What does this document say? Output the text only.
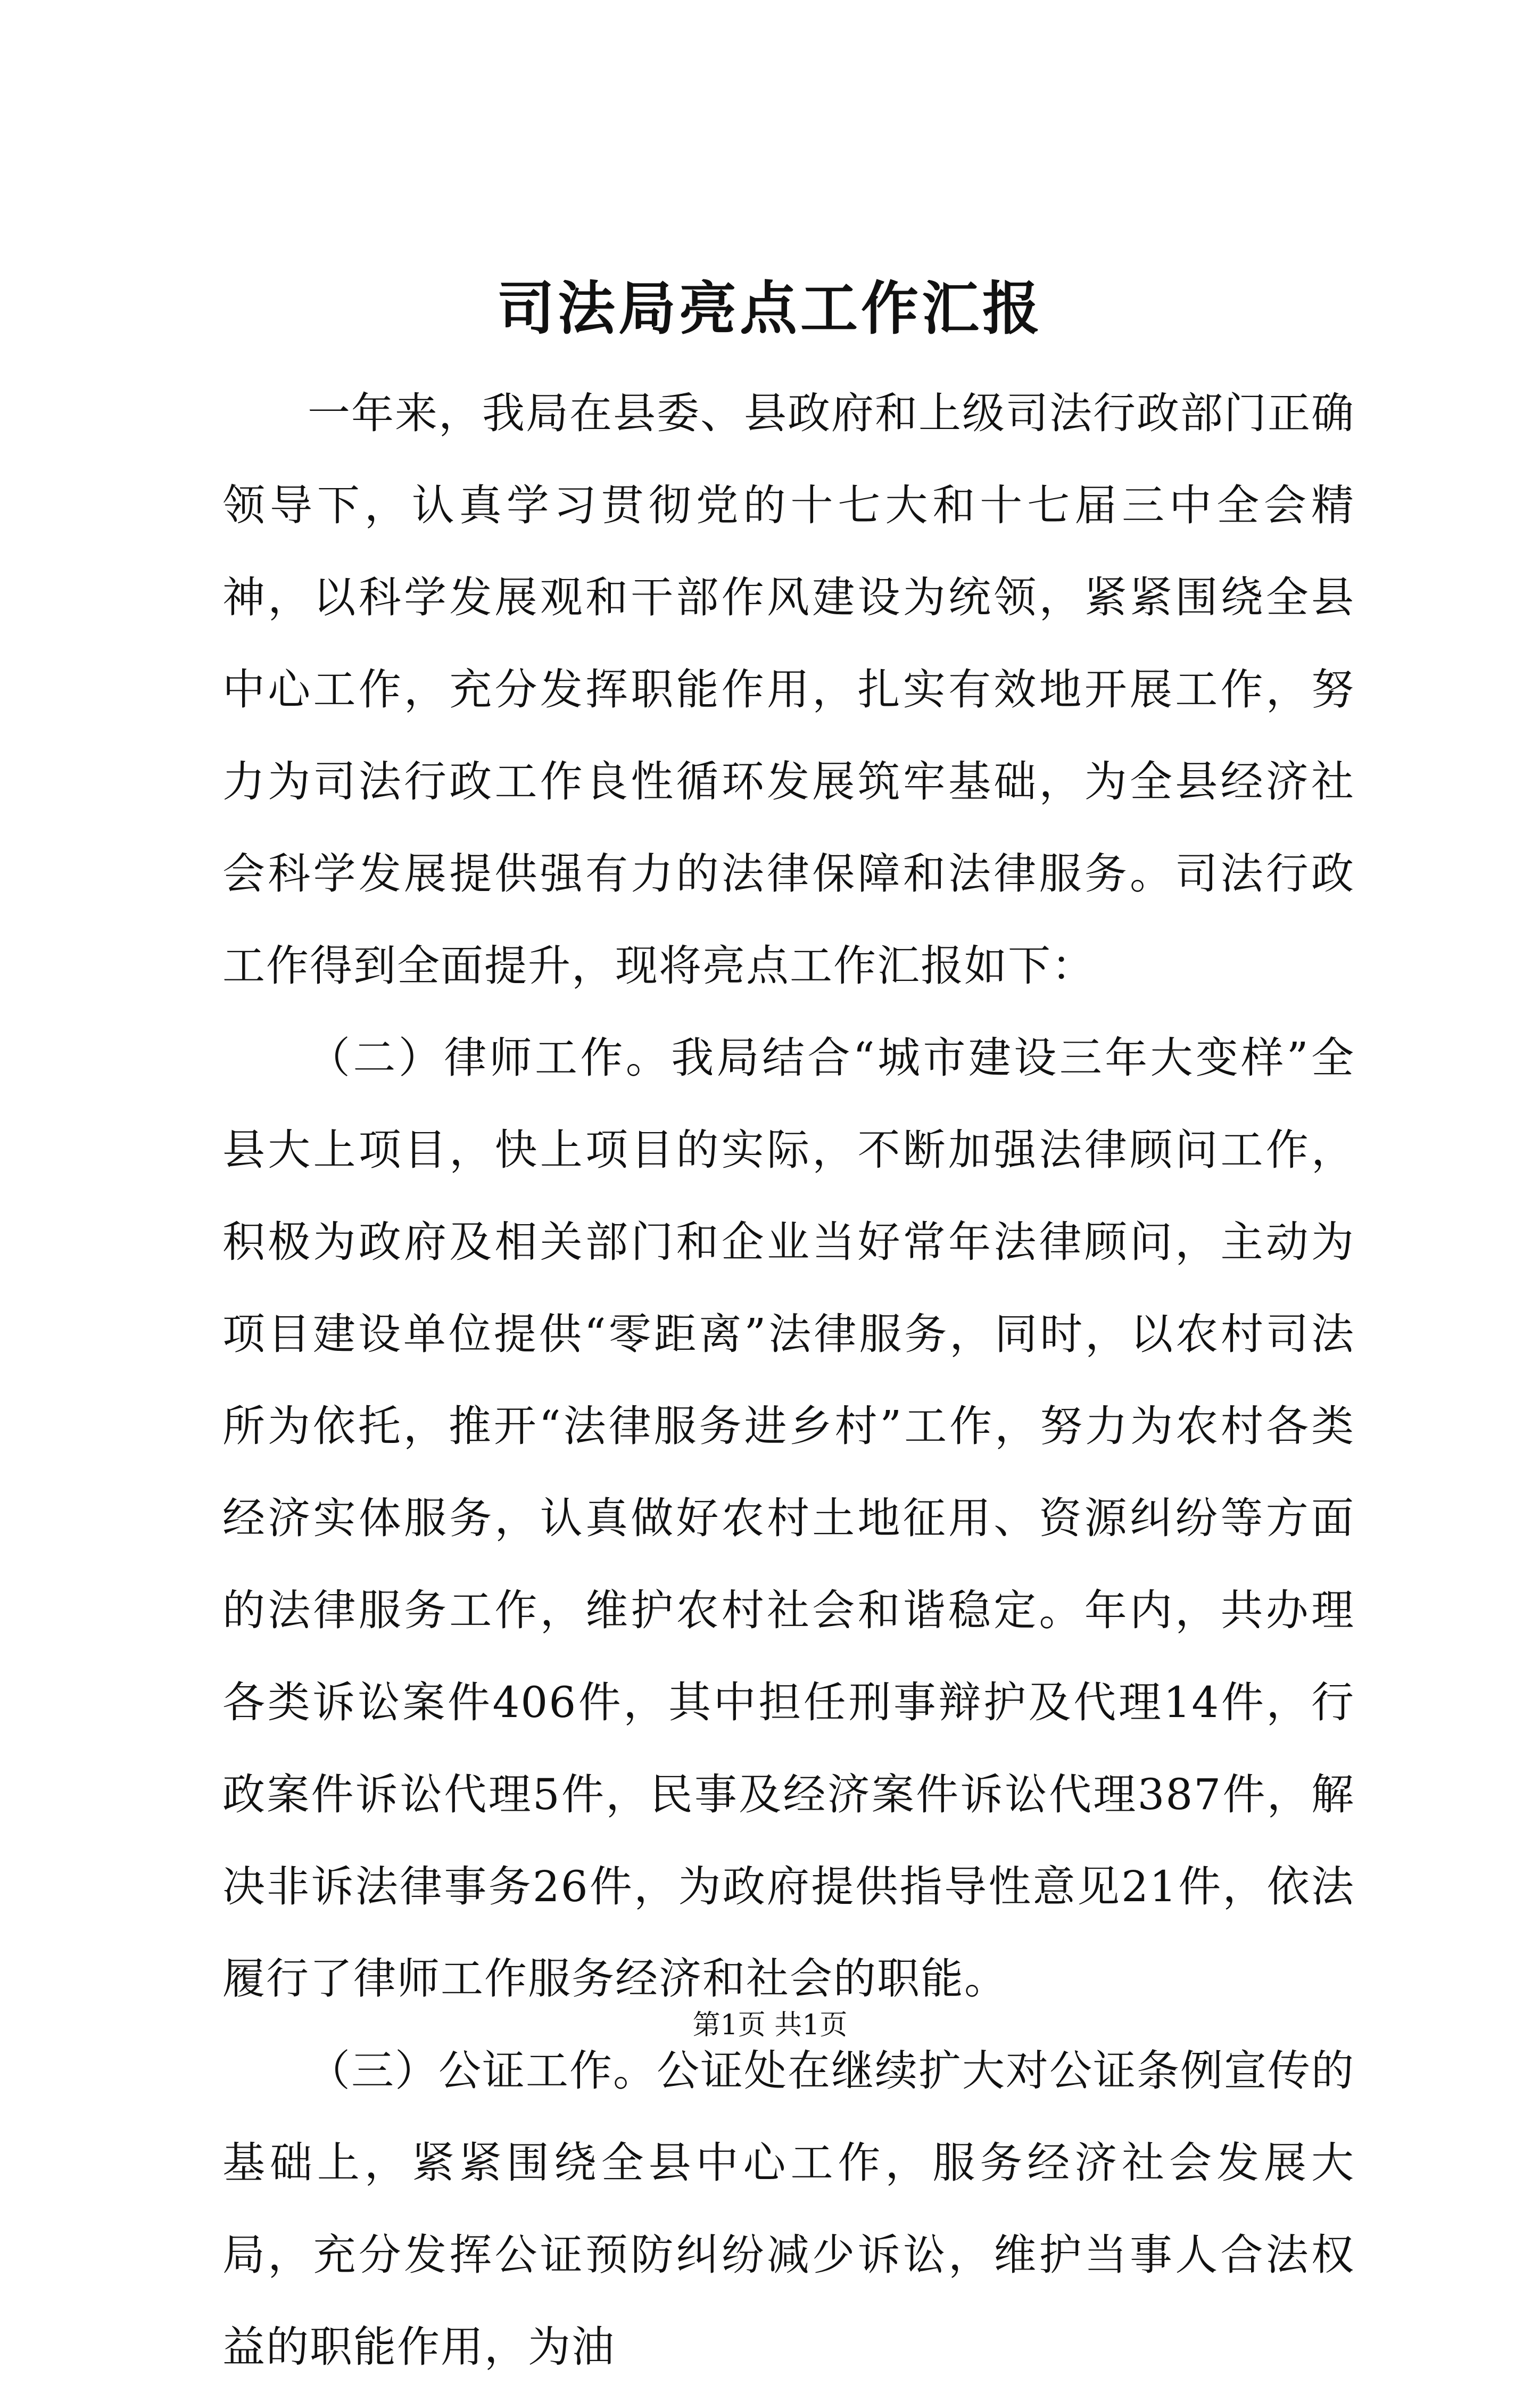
司法局亮点工作汇报

一年来，我局在县委、县政府和上级司法行政部门正确领导下，认真学习贯彻党的十七大和十七届三中全会精神，以科学发展观和干部作风建设为统领，紧紧围绕全县中心工作，充分发挥职能作用，扎实有效地开展工作，努力为司法行政工作良性循环发展筑牢基础，为全县经济社会科学发展提供强有力的法律保障和法律服务。司法行政工作得到全面提升，现将亮点工作汇报如下：

（二）律师工作。我局结合“城市建设三年大变样”全县大上项目，快上项目的实际，不断加强法律顾问工作，积极为政府及相关部门和企业当好常年法律顾问，主动为项目建设单位提供“零距离”法律服务，同时，以农村司法所为依托，推开“法律服务进乡村”工作，努力为农村各类经济实体服务，认真做好农村土地征用、资源纠纷等方面的法律服务工作，维护农村社会和谐稳定。年内，共办理各类诉讼案件406件，其中担任刑事辩护及代理14件，行政案件诉讼代理5件，民事及经济案件诉讼代理387件，解决非诉法律事务26件，为政府提供指导性意见21件，依法履行了律师工作服务经济和社会的职能。

（三）公证工作。公证处在继续扩大对公证条例宣传的基础上，紧紧围绕全县中心工作，服务经济社会发展大局，充分发挥公证预防纠纷减少诉讼，维护当事人合法权益的职能作用，为油

第1页 共1页
